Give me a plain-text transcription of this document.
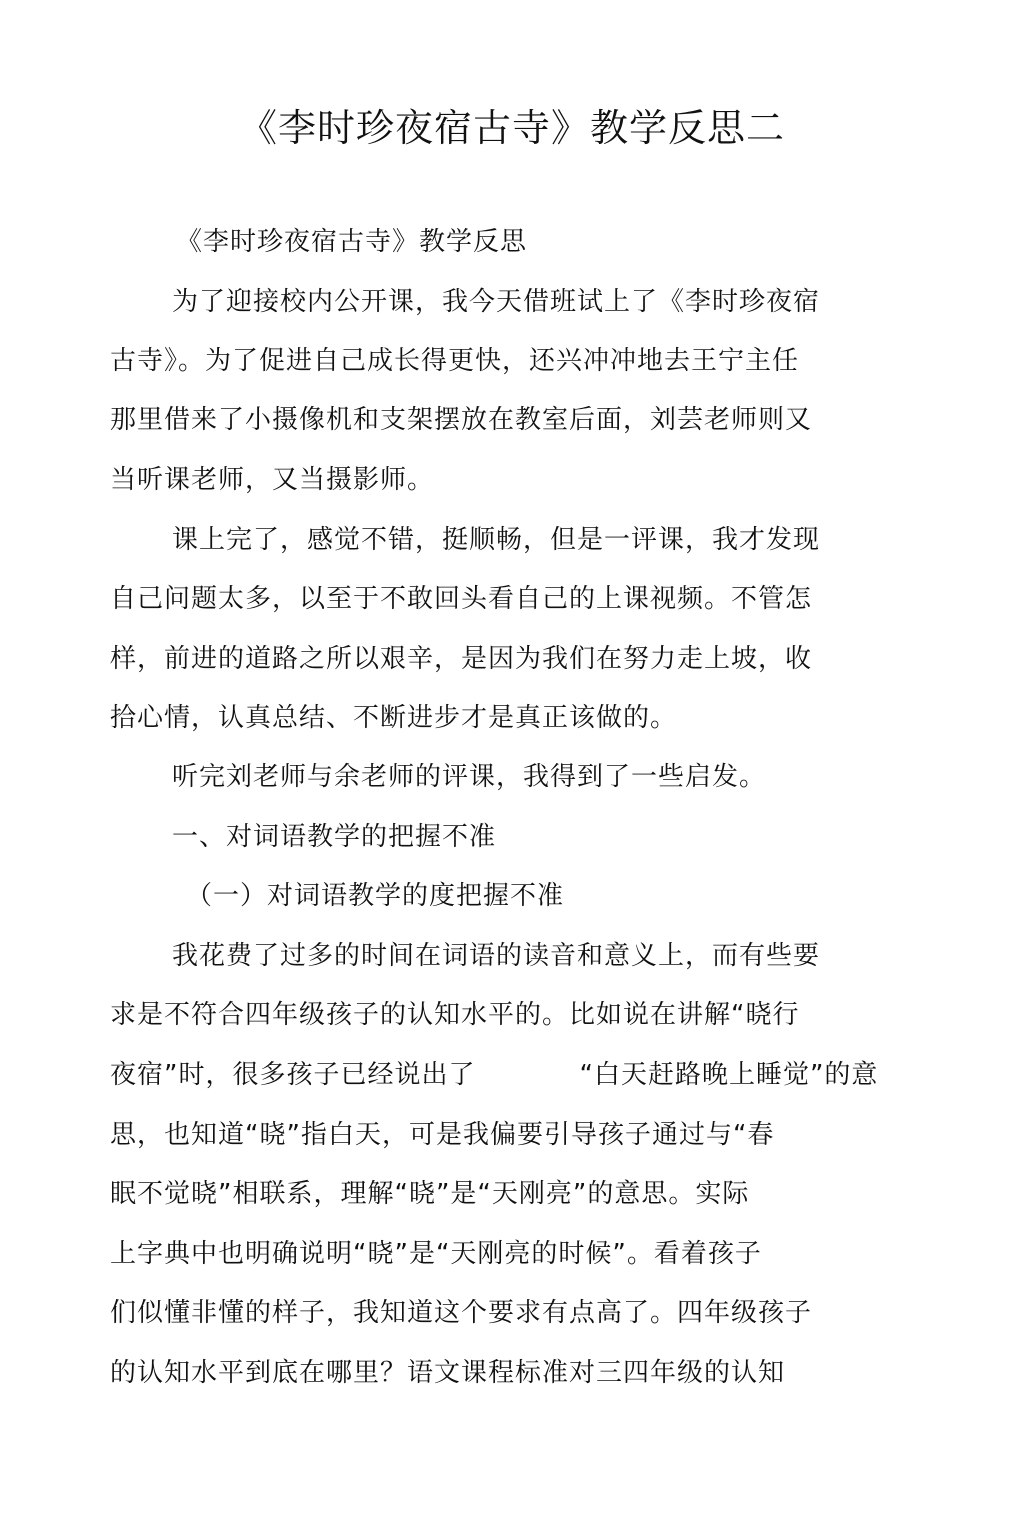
《李时珍夜宿古寺》教学反思二

《李时珍夜宿古寺》教学反思

为了迎接校内公开课，我今天借班试上了《李时珍夜宿

古寺》。为了促进自己成长得更快，还兴冲冲地去王宁主任

那里借来了小摄像机和支架摆放在教室后面，刘芸老师则又

当听课老师，又当摄影师。

课上完了，感觉不错，挺顺畅，但是一评课，我才发现

自己问题太多，以至于不敢回头看自己的上课视频。不管怎

样，前进的道路之所以艰辛，是因为我们在努力走上坡，收

拾心情，认真总结、不断进步才是真正该做的。

听完刘老师与余老师的评课，我得到了一些启发。

一、对词语教学的把握不准

（一）对词语教学的度把握不准

我花费了过多的时间在词语的读音和意义上，而有些要

求是不符合四年级孩子的认知水平的。比如说在讲解“晓行

夜宿”时，很多孩子已经说出了	“白天赶路晚上睡觉”的意

思，也知道“晓”指白天，可是我偏要引导孩子通过与“春

眠不觉晓”相联系，理解“晓”是“天刚亮”的意思。实际

上字典中也明确说明“晓”是“天刚亮的时候”。看着孩子

们似懂非懂的样子，我知道这个要求有点高了。四年级孩子

的认知水平到底在哪里？语文课程标准对三四年级的认知
